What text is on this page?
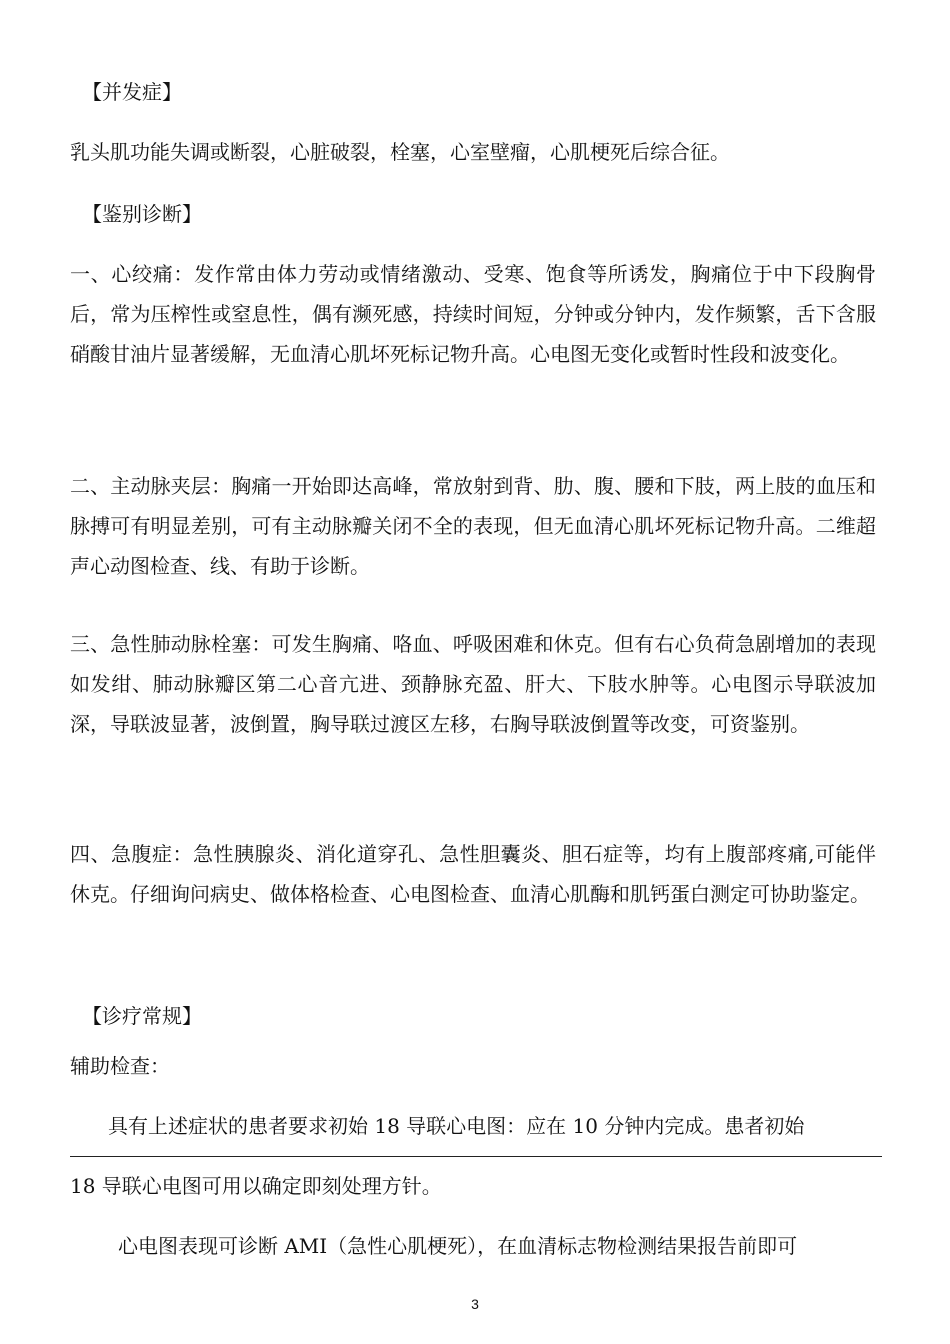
【并发症】

乳头肌功能失调或断裂，心脏破裂，栓塞，心室壁瘤，心肌梗死后综合征。

【鉴别诊断】

一、心绞痛：发作常由体力劳动或情绪激动、受寒、饱食等所诱发，胸痛位于中下段胸骨后，常为压榨性或窒息性，偶有濒死感，持续时间短，分钟或分钟内，发作频繁，舌下含服硝酸甘油片显著缓解，无血清心肌坏死标记物升高。心电图无变化或暂时性段和波变化。

二、主动脉夹层：胸痛一开始即达高峰，常放射到背、肋、腹、腰和下肢，两上肢的血压和脉搏可有明显差别，可有主动脉瓣关闭不全的表现，但无血清心肌坏死标记物升高。二维超声心动图检查、线、有助于诊断。

三、急性肺动脉栓塞：可发生胸痛、咯血、呼吸困难和休克。但有右心负荷急剧增加的表现如发绀、肺动脉瓣区第二心音亢进、颈静脉充盈、肝大、下肢水肿等。心电图示导联波加深，导联波显著，波倒置，胸导联过渡区左移，右胸导联波倒置等改变，可资鉴别。

四、急腹症：急性胰腺炎、消化道穿孔、急性胆囊炎、胆石症等，均有上腹部疼痛,可能伴休克。仔细询问病史、做体格检查、心电图检查、血清心肌酶和肌钙蛋白测定可协助鉴定。

【诊疗常规】

辅助检查：

具有上述症状的患者要求初始 18 导联心电图：应在 10 分钟内完成。患者初始

18 导联心电图可用以确定即刻处理方针。

心电图表现可诊断 AMI（急性心肌梗死），在血清标志物检测结果报告前即可

3
